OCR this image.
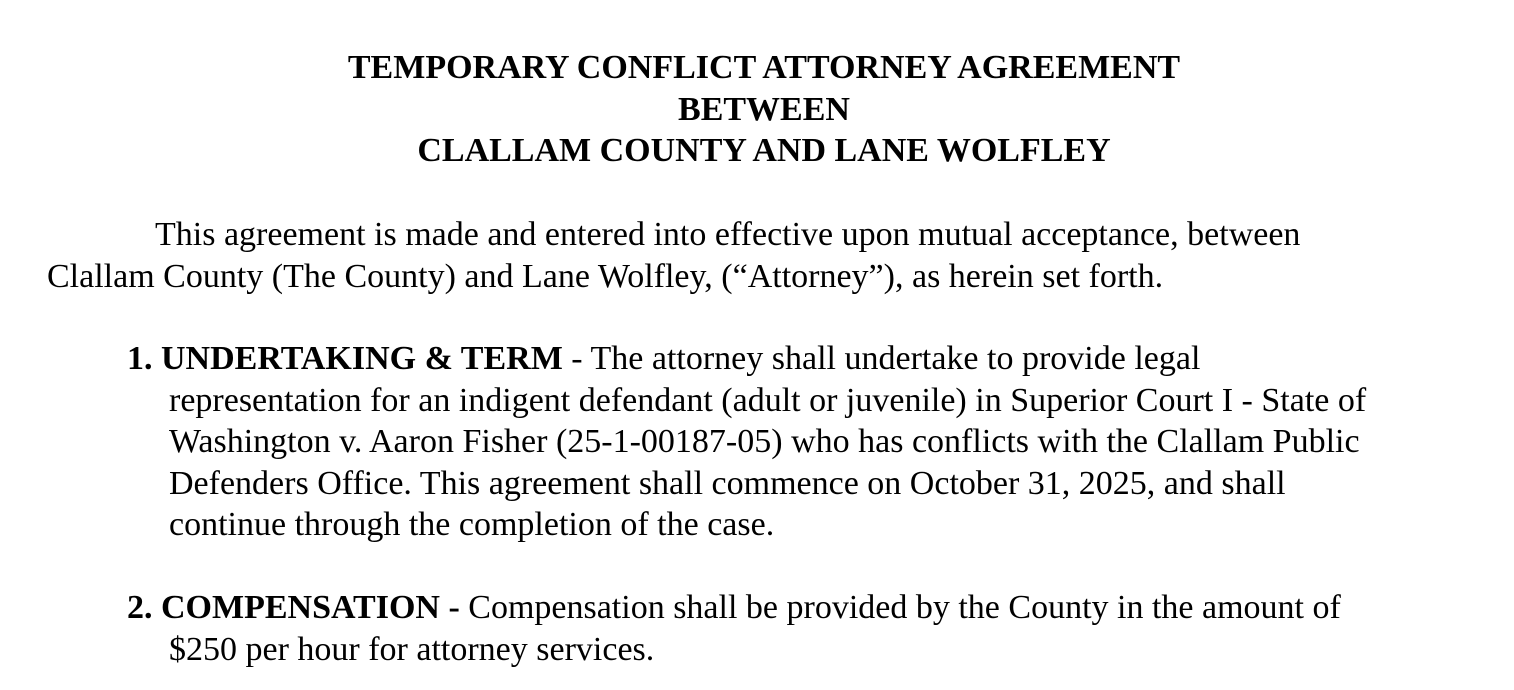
TEMPORARY CONFLICT ATTORNEY AGREEMENT
BETWEEN
CLALLAM COUNTY AND LANE WOLFLEY
This agreement is made and entered into effective upon mutual acceptance, between
Clallam County (The County) and Lane Wolfley, (“Attorney”), as herein set forth.
1. UNDERTAKING & TERM - The attorney shall undertake to provide legal
representation for an indigent defendant (adult or juvenile) in Superior Court I - State of
Washington v. Aaron Fisher (25-1-00187-05) who has conflicts with the Clallam Public
Defenders Office. This agreement shall commence on October 31, 2025, and shall
continue through the completion of the case.
2. COMPENSATION - Compensation shall be provided by the County in the amount of
$250 per hour for attorney services.
